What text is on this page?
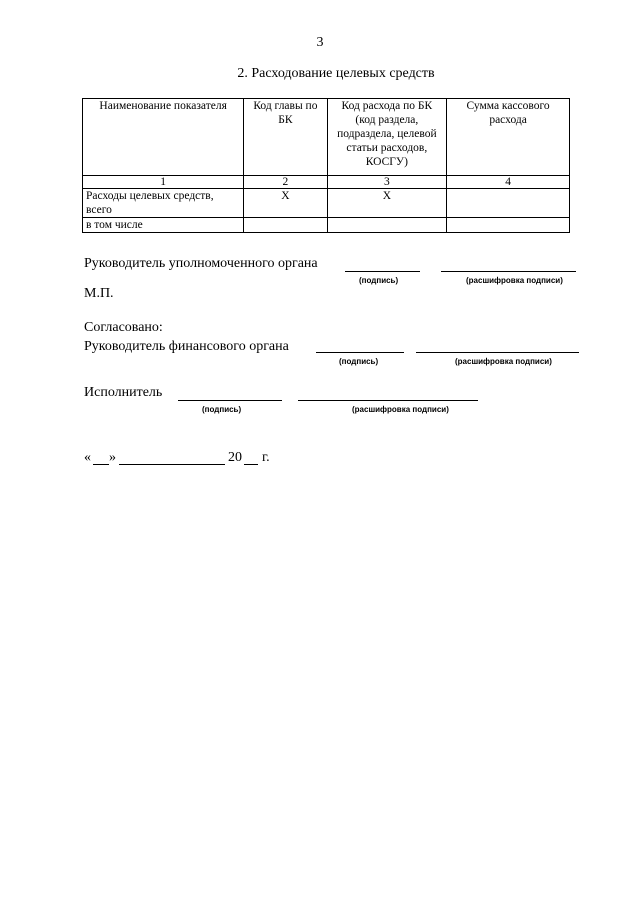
3
2. Расходование целевых средств
Наименование показателя	Код главы по БК	Код расхода по БК (код раздела, подраздела, целевой статьи расходов, КОСГУ)	Сумма кассового расхода
1	2	3	4
Расходы целевых средств, всего	Х	Х	
в том числе			
Руководитель уполномоченного органа
(подпись)	(расшифровка подписи)
М.П.
Согласовано:
Руководитель финансового органа
(подпись)	(расшифровка подписи)
Исполнитель
(подпись)	(расшифровка подписи)
« »	20 г.
